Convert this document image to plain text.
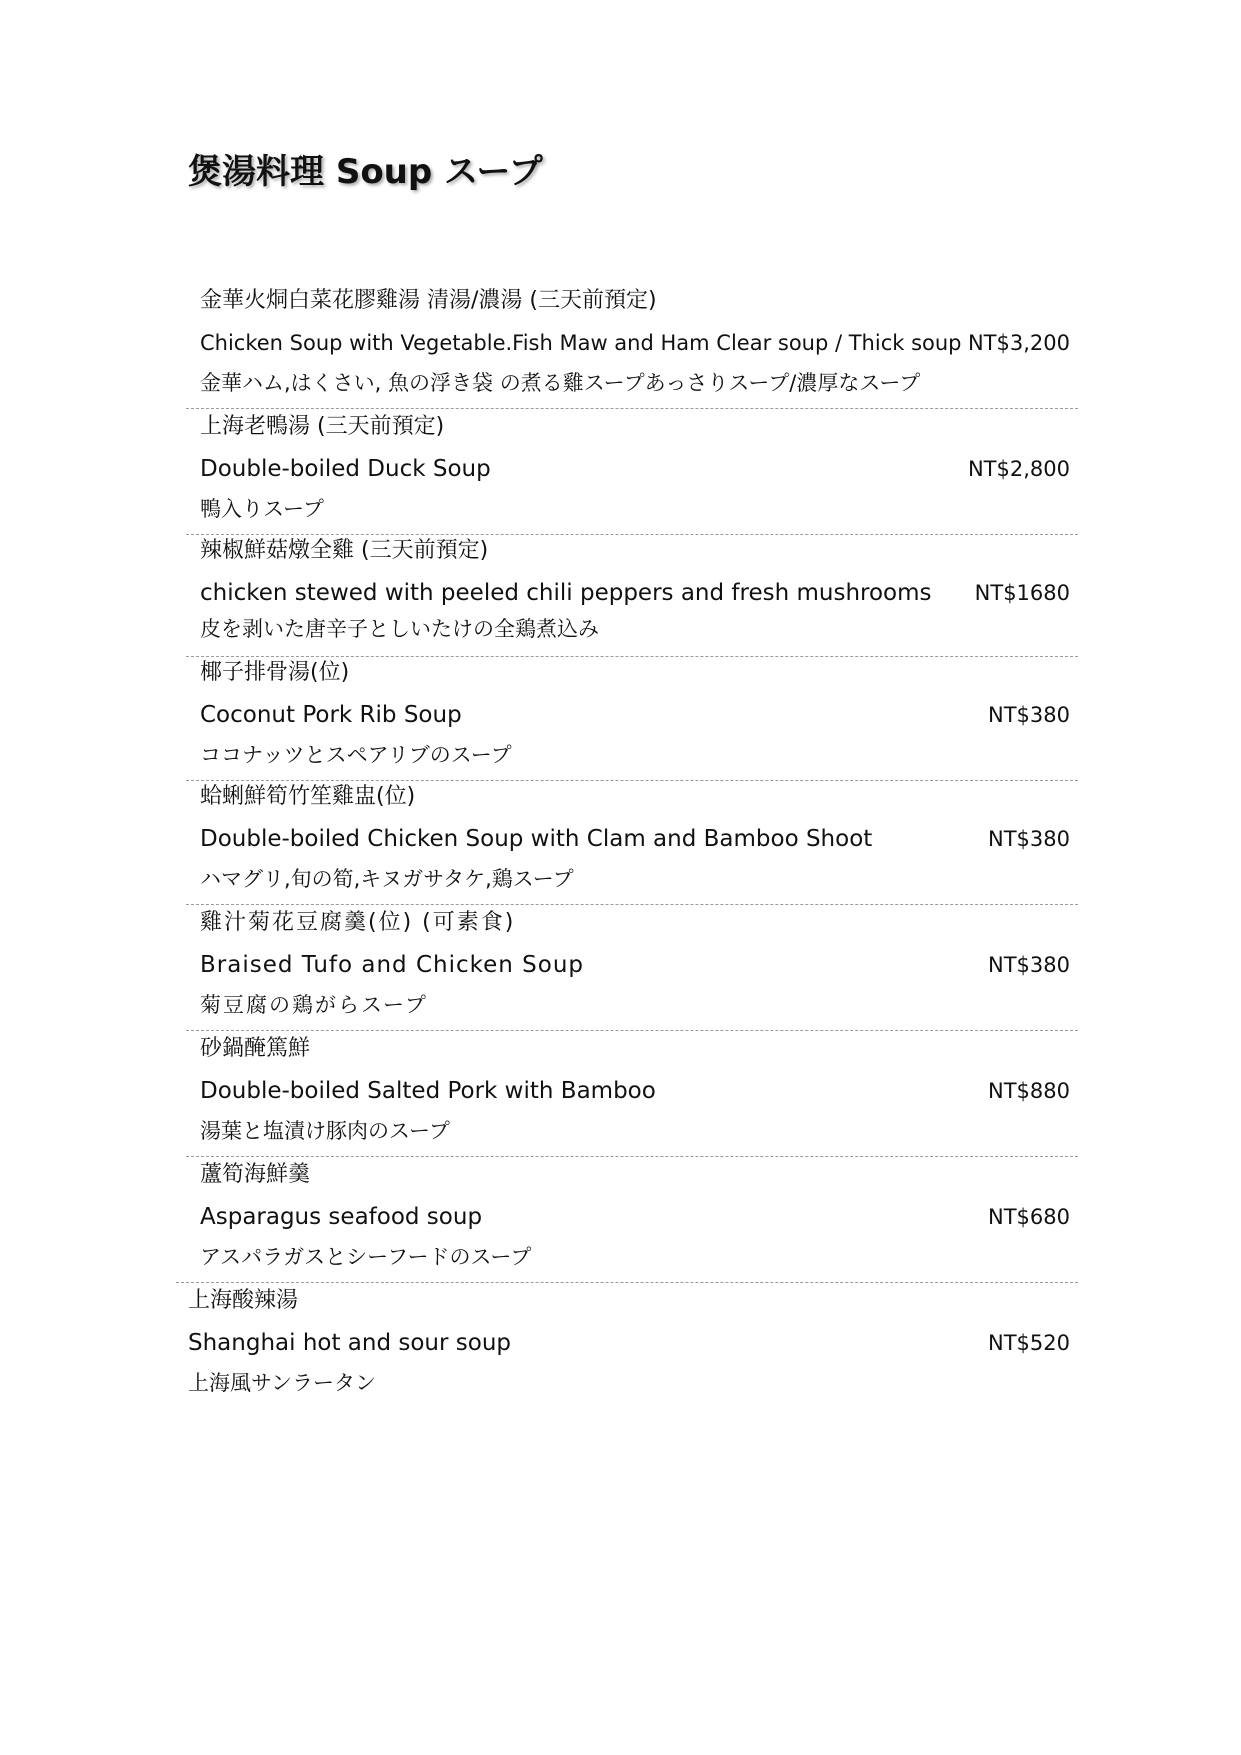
煲湯料理 Soup スープ
金華火烔白菜花膠雞湯 清湯/濃湯 (三天前預定)
Chicken Soup with Vegetable.Fish Maw and Ham Clear soup / Thick soup
金華ハム,はくさい, 魚の浮き袋 の煮る雞スープあっさりスープ/濃厚なスープ
NT$3,200
上海老鴨湯 (三天前預定)
Double-boiled Duck Soup
鴨入りスープ
NT$2,800
辣椒鮮菇燉全雞 (三天前預定)
chicken stewed with peeled chili peppers and fresh mushrooms
皮を剥いた唐辛子としいたけの全鶏煮込み
NT$1680
椰子排骨湯(位)
Coconut Pork Rib Soup
ココナッツとスペアリブのスープ
NT$380
蛤蜊鮮筍竹笙雞盅(位)
Double-boiled Chicken Soup with Clam and Bamboo Shoot
ハマグリ,旬の筍,キヌガサタケ,鶏スープ
NT$380
雞汁菊花豆腐羹(位) (可素食)
Braised Tufo and Chicken Soup
菊豆腐の鶏がらスープ
NT$380
砂鍋醃篤鮮
Double-boiled Salted Pork with Bamboo
湯葉と塩漬け豚肉のスープ
NT$880
蘆筍海鮮羹
Asparagus seafood soup
アスパラガスとシーフードのスープ
NT$680
上海酸辣湯
Shanghai hot and sour soup
上海風サンラータン
NT$520
